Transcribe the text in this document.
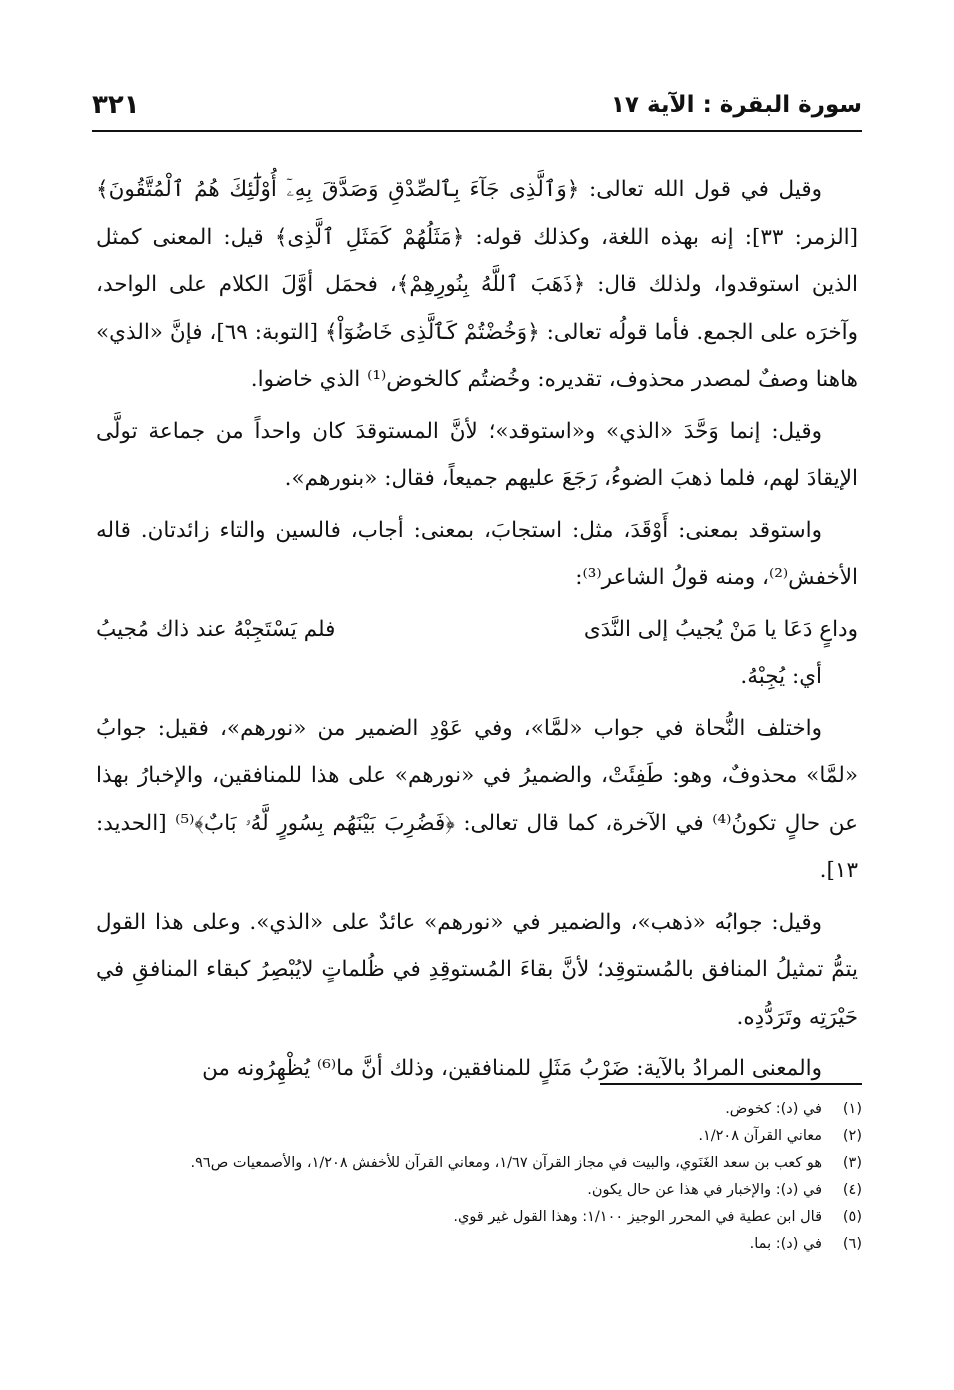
سورة البقرة : الآية ١٧
٣٢١

وقيل في قول الله تعالى: ﴿وَٱلَّذِى جَآءَ بِٱلصِّدْقِ وَصَدَّقَ بِهِۦٓ أُوْلَٰٓئِكَ هُمُ ٱلْمُتَّقُونَ﴾ [الزمر: ٣٣]: إنه بهذه اللغة، وكذلك قوله: ﴿مَثَلُهُمْ كَمَثَلِ ٱلَّذِى﴾ قيل: المعنى كمثل الذين استوقدوا، ولذلك قال: ﴿ذَهَبَ ٱللَّهُ بِنُورِهِمْ﴾، فحمَل أوَّلَ الكلام على الواحد، وآخرَه على الجمع. فأما قولُه تعالى: ﴿وَخُضْتُمْ كَٱلَّذِى خَاضُوٓاْ﴾ [التوبة: ٦٩]، فإنَّ «الذي» هاهنا وصفٌ لمصدر محذوف، تقديره: وخُضتُم كالخوض⁽¹⁾ الذي خاضوا.

وقيل: إنما وَحَّدَ «الذي» و«استوقد»؛ لأنَّ المستوقدَ كان واحداً من جماعة تولَّى الإيقادَ لهم، فلما ذهبَ الضوءُ، رَجَعَ عليهم جميعاً، فقال: «بنورهم».

واستوقد بمعنى: أَوْقَدَ، مثل: استجابَ، بمعنى: أجاب، فالسين والتاء زائدتان. قاله الأخفش⁽²⁾، ومنه قولُ الشاعر⁽³⁾:

وداعٍ دَعَا يا مَنْ يُجيبُ إلى النَّدَى
فلم يَسْتَجِبْهُ عند ذاك مُجيبُ

أي: يُجِبْهُ.

واختلف النُّحاة في جواب «لمَّا»، وفي عَوْدِ الضمير من «نورهم»، فقيل: جوابُ «لمَّا» محذوفٌ، وهو: طَفِئَتْ، والضميرُ في «نورهم» على هذا للمنافقين، والإخبارُ بهذا عن حالٍ تكونُ⁽⁴⁾ في الآخرة، كما قال تعالى: ﴿فَضُرِبَ بَيْنَهُم بِسُورٍ لَّهُۥ بَابٌ﴾⁽⁵⁾ [الحديد: ١٣].

وقيل: جوابُه «ذهب»، والضمير في «نورهم» عائدٌ على «الذي». وعلى هذا القول يتمُّ تمثيلُ المنافق بالمُستوقِد؛ لأنَّ بقاءَ المُستوقِدِ في ظُلماتٍ لايُبْصِرُ كبقاء المنافقِ في حَيْرَتِه وتَرَدُّدِه.

والمعنى المرادُ بالآية: ضَرْبُ مَثَلٍ للمنافقين، وذلك أنَّ ما⁽⁶⁾ يُظْهِرُونه من

(١)
في (د): كخوض.
(٢)
معاني القرآن ١/٢٠٨.
(٣)
هو كعب بن سعد الغَنَوي، والبيت في مجاز القرآن ١/٦٧، ومعاني القرآن للأخفش ١/٢٠٨، والأصمعيات ص٩٦.
(٤)
في (د): والإخبار في هذا عن حال يكون.
(٥)
قال ابن عطية في المحرر الوجيز ١/١٠٠: وهذا القول غير قوي.
(٦)
في (د): بما.
